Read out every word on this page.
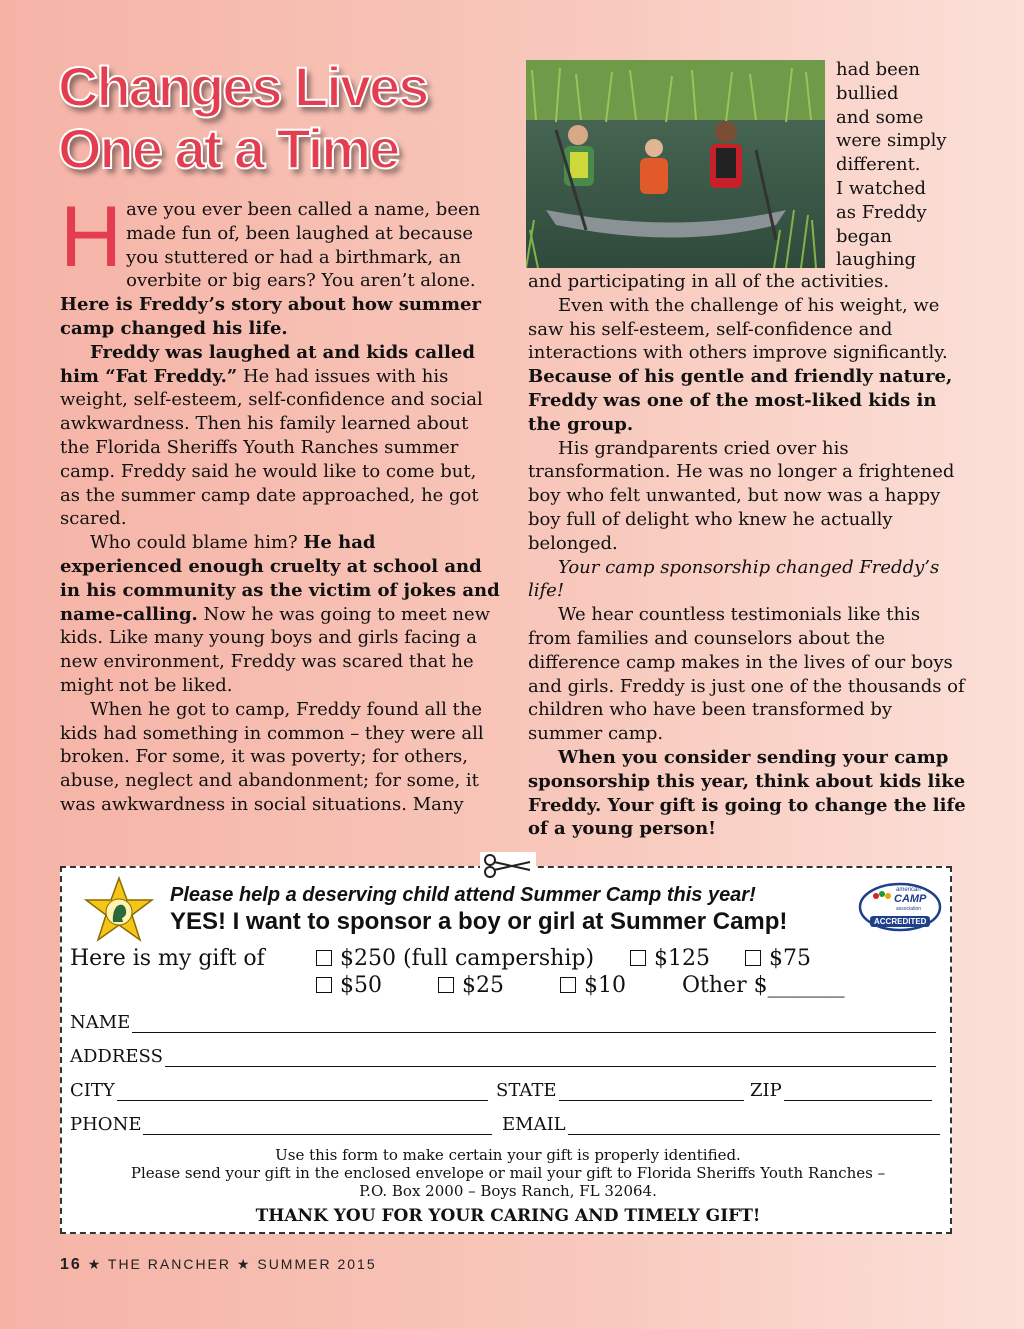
Changes Lives
One at a Time

Have you ever been called a name, been made fun of, been laughed at because you stuttered or had a birthmark, an overbite or big ears? You aren’t alone. Here is Freddy’s story about how summer camp changed his life.

Freddy was laughed at and kids called him “Fat Freddy.” He had issues with his weight, self-esteem, self-confidence and social awkwardness. Then his family learned about the Florida Sheriffs Youth Ranches summer camp. Freddy said he would like to come but, as the summer camp date approached, he got scared.

Who could blame him? He had experienced enough cruelty at school and in his community as the victim of jokes and name-calling. Now he was going to meet new kids. Like many young boys and girls facing a new environment, Freddy was scared that he might not be liked.

When he got to camp, Freddy found all the kids had something in common – they were all broken. For some, it was poverty; for others, abuse, neglect and abandonment; for some, it was awkwardness in social situations. Many

had been
bullied
and some
were simply
different.
I watched
as Freddy
began
laughing

and participating in all of the activities.

Even with the challenge of his weight, we saw his self-esteem, self-confidence and interactions with others improve significantly. Because of his gentle and friendly nature, Freddy was one of the most-liked kids in the group.

His grandparents cried over his transformation. He was no longer a frightened boy who felt unwanted, but now was a happy boy full of delight who knew he actually belonged.

Your camp sponsorship changed Freddy’s life!

We hear countless testimonials like this from families and counselors about the difference camp makes in the lives of our boys and girls. Freddy is just one of the thousands of children who have been transformed by summer camp.

When you consider sending your camp sponsorship this year, think about kids like Freddy. Your gift is going to change the life of a young person!

american
CAMP
association
ACCREDITED
Please help a deserving child attend Summer Camp this year!
YES! I want to sponsor a boy or girl at Summer Camp!
Here is my gift of	$250 (full campership)	$125	$75
$50	$25	$10	Other $_______
NAME
ADDRESS
CITY	STATE	ZIP
PHONE	EMAIL
Use this form to make certain your gift is properly identified.
Please send your gift in the enclosed envelope or mail your gift to Florida Sheriffs Youth Ranches –
P.O. Box 2000 – Boys Ranch, FL 32064.
THANK YOU FOR YOUR CARING AND TIMELY GIFT!
16 ★ THE RANCHER ★ SUMMER 2015
